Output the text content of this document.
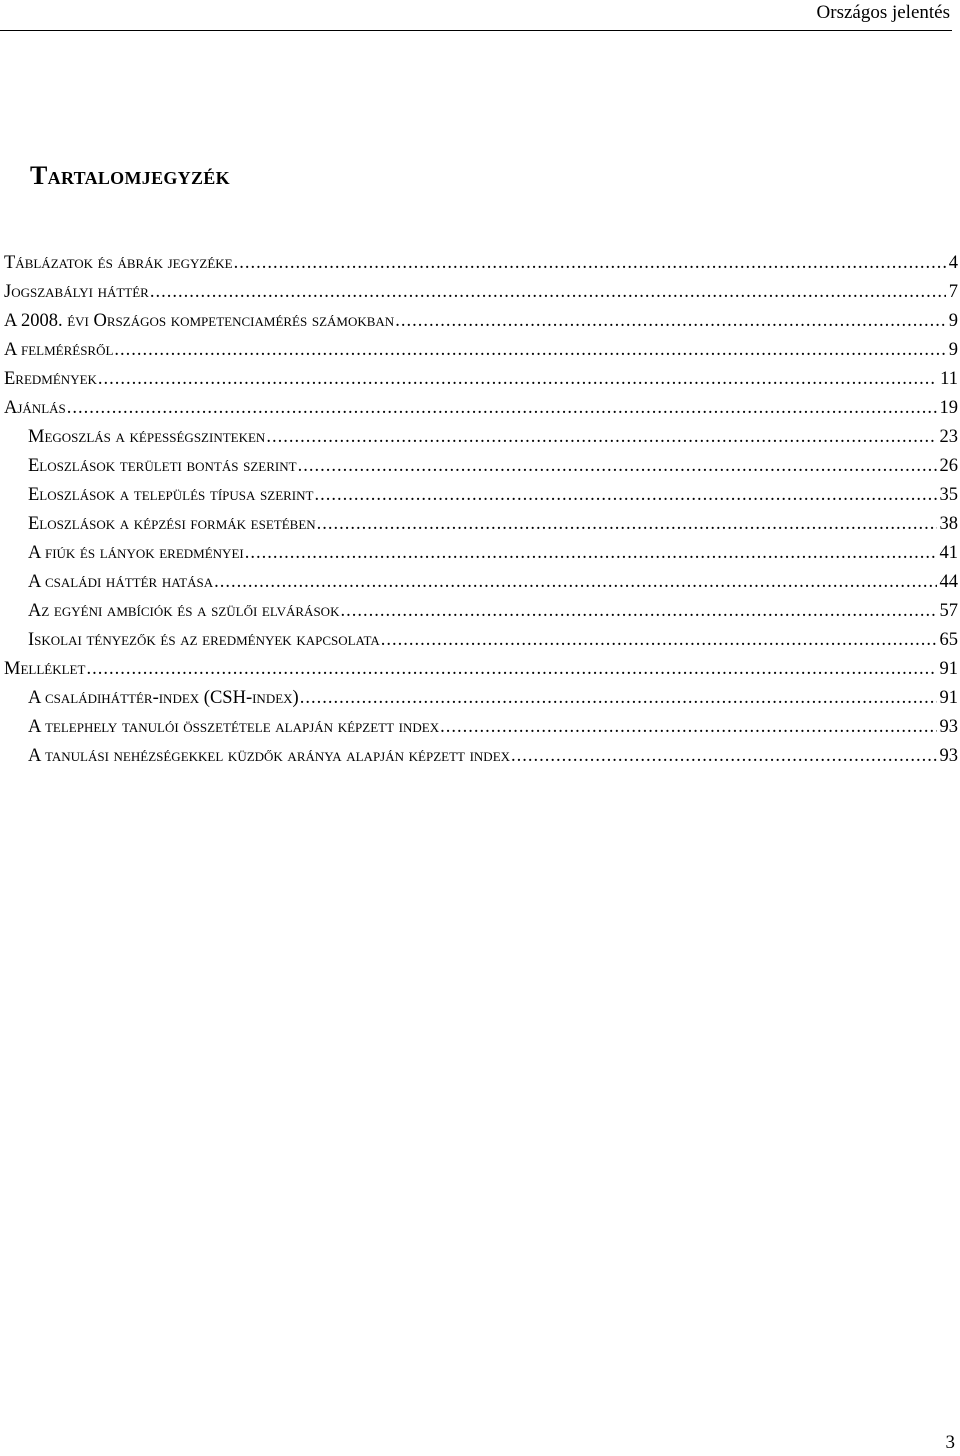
Országos jelentés
Tartalomjegyzék
Táblázatok és ábrák jegyzéke .....	4
Jogszabályi háttér .....	7
A 2008. évi Országos kompetenciamérés számokban .....	9
A felmérésről .....	9
Eredmények .....	11
Ajánlás .....	19
Megoszlás a képességszinteken .....	23
Eloszlások területi bontás szerint .....	26
Eloszlások a település típusa szerint .....	35
Eloszlások a képzési formák esetében .....	38
A fiúk és lányok eredményei .....	41
A családi háttér hatása .....	44
Az egyéni ambíciók és a szülői elvárások .....	57
Iskolai tényezők és az eredmények kapcsolata .....	65
Melléklet .....	91
A családiháttér-index (CSH-index) .....	91
A telephely tanulói összetétele alapján képzett index .....	93
A tanulási nehézségekkel küzdők aránya alapján képzett index .....	93
3
